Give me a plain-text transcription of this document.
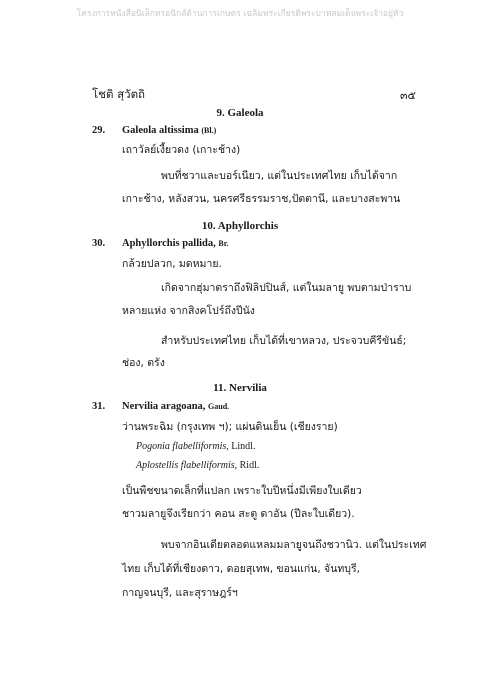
โครงการหนังสือนิเล็กทรอนิกส์ด้านการเกษตร เฉลิมพระเกียรติพระบาทสมเด็จพระเจ้าอยู่หัว
โชติ สุวัตถิ	๓๕
9. Galeola
29. Galeola altissima (Bl.)
เถาวัลย์เงี้ยวดง (เกาะช้าง)
พบที่ชวาและบอร์เนียว, แต่ในประเทศไทย เก็บได้จาก
เกาะช้าง, หลังสวน, นครศรีธรรมราช,ปัตตานี, และบางสะพาน
10. Aphyllorchis
30. Aphyllorchis pallida, Br.
กล้วยปลวก, มดหมาย.
เกิดจากฮุ่มาตราถึงฟิลิปปินส์, แต่ในมลายู พบตามป่าราบ
หลายแห่ง จากสิงคโปร์ถึงปีนัง
สำหรับประเทศไทย เก็บได้ที่เขาหลวง, ประจวบคีรีขันธ์;
ช่อง, ตรัง
11. Nervilia
31. Nervilia aragoana, Gaud.
ว่านพระฉิม (กรุงเทพ ฯ); แผ่นดินเย็น (เชียงราย)
Pogonia flabelliformis, Lindl.
Aplostellis flabelliformis, Ridl.
เป็นพืชขนาดเล็กที่แปลก เพราะใบปีหนึ่งมีเพียงใบเดียว
ชาวมลายูจึงเรียกว่า คอน สะตู ดาอัน (ปีละใบเดียว).
พบจากอินเดียตลอดแหลมมลายูจนถึงชวานิว. แต่ในประเทศ
ไทย เก็บได้ที่เชียงดาว, ดอยสุเทพ, ขอนแก่น, จันทบุรี,
กาญจนบุรี, และสุราษฎร์ฯ
